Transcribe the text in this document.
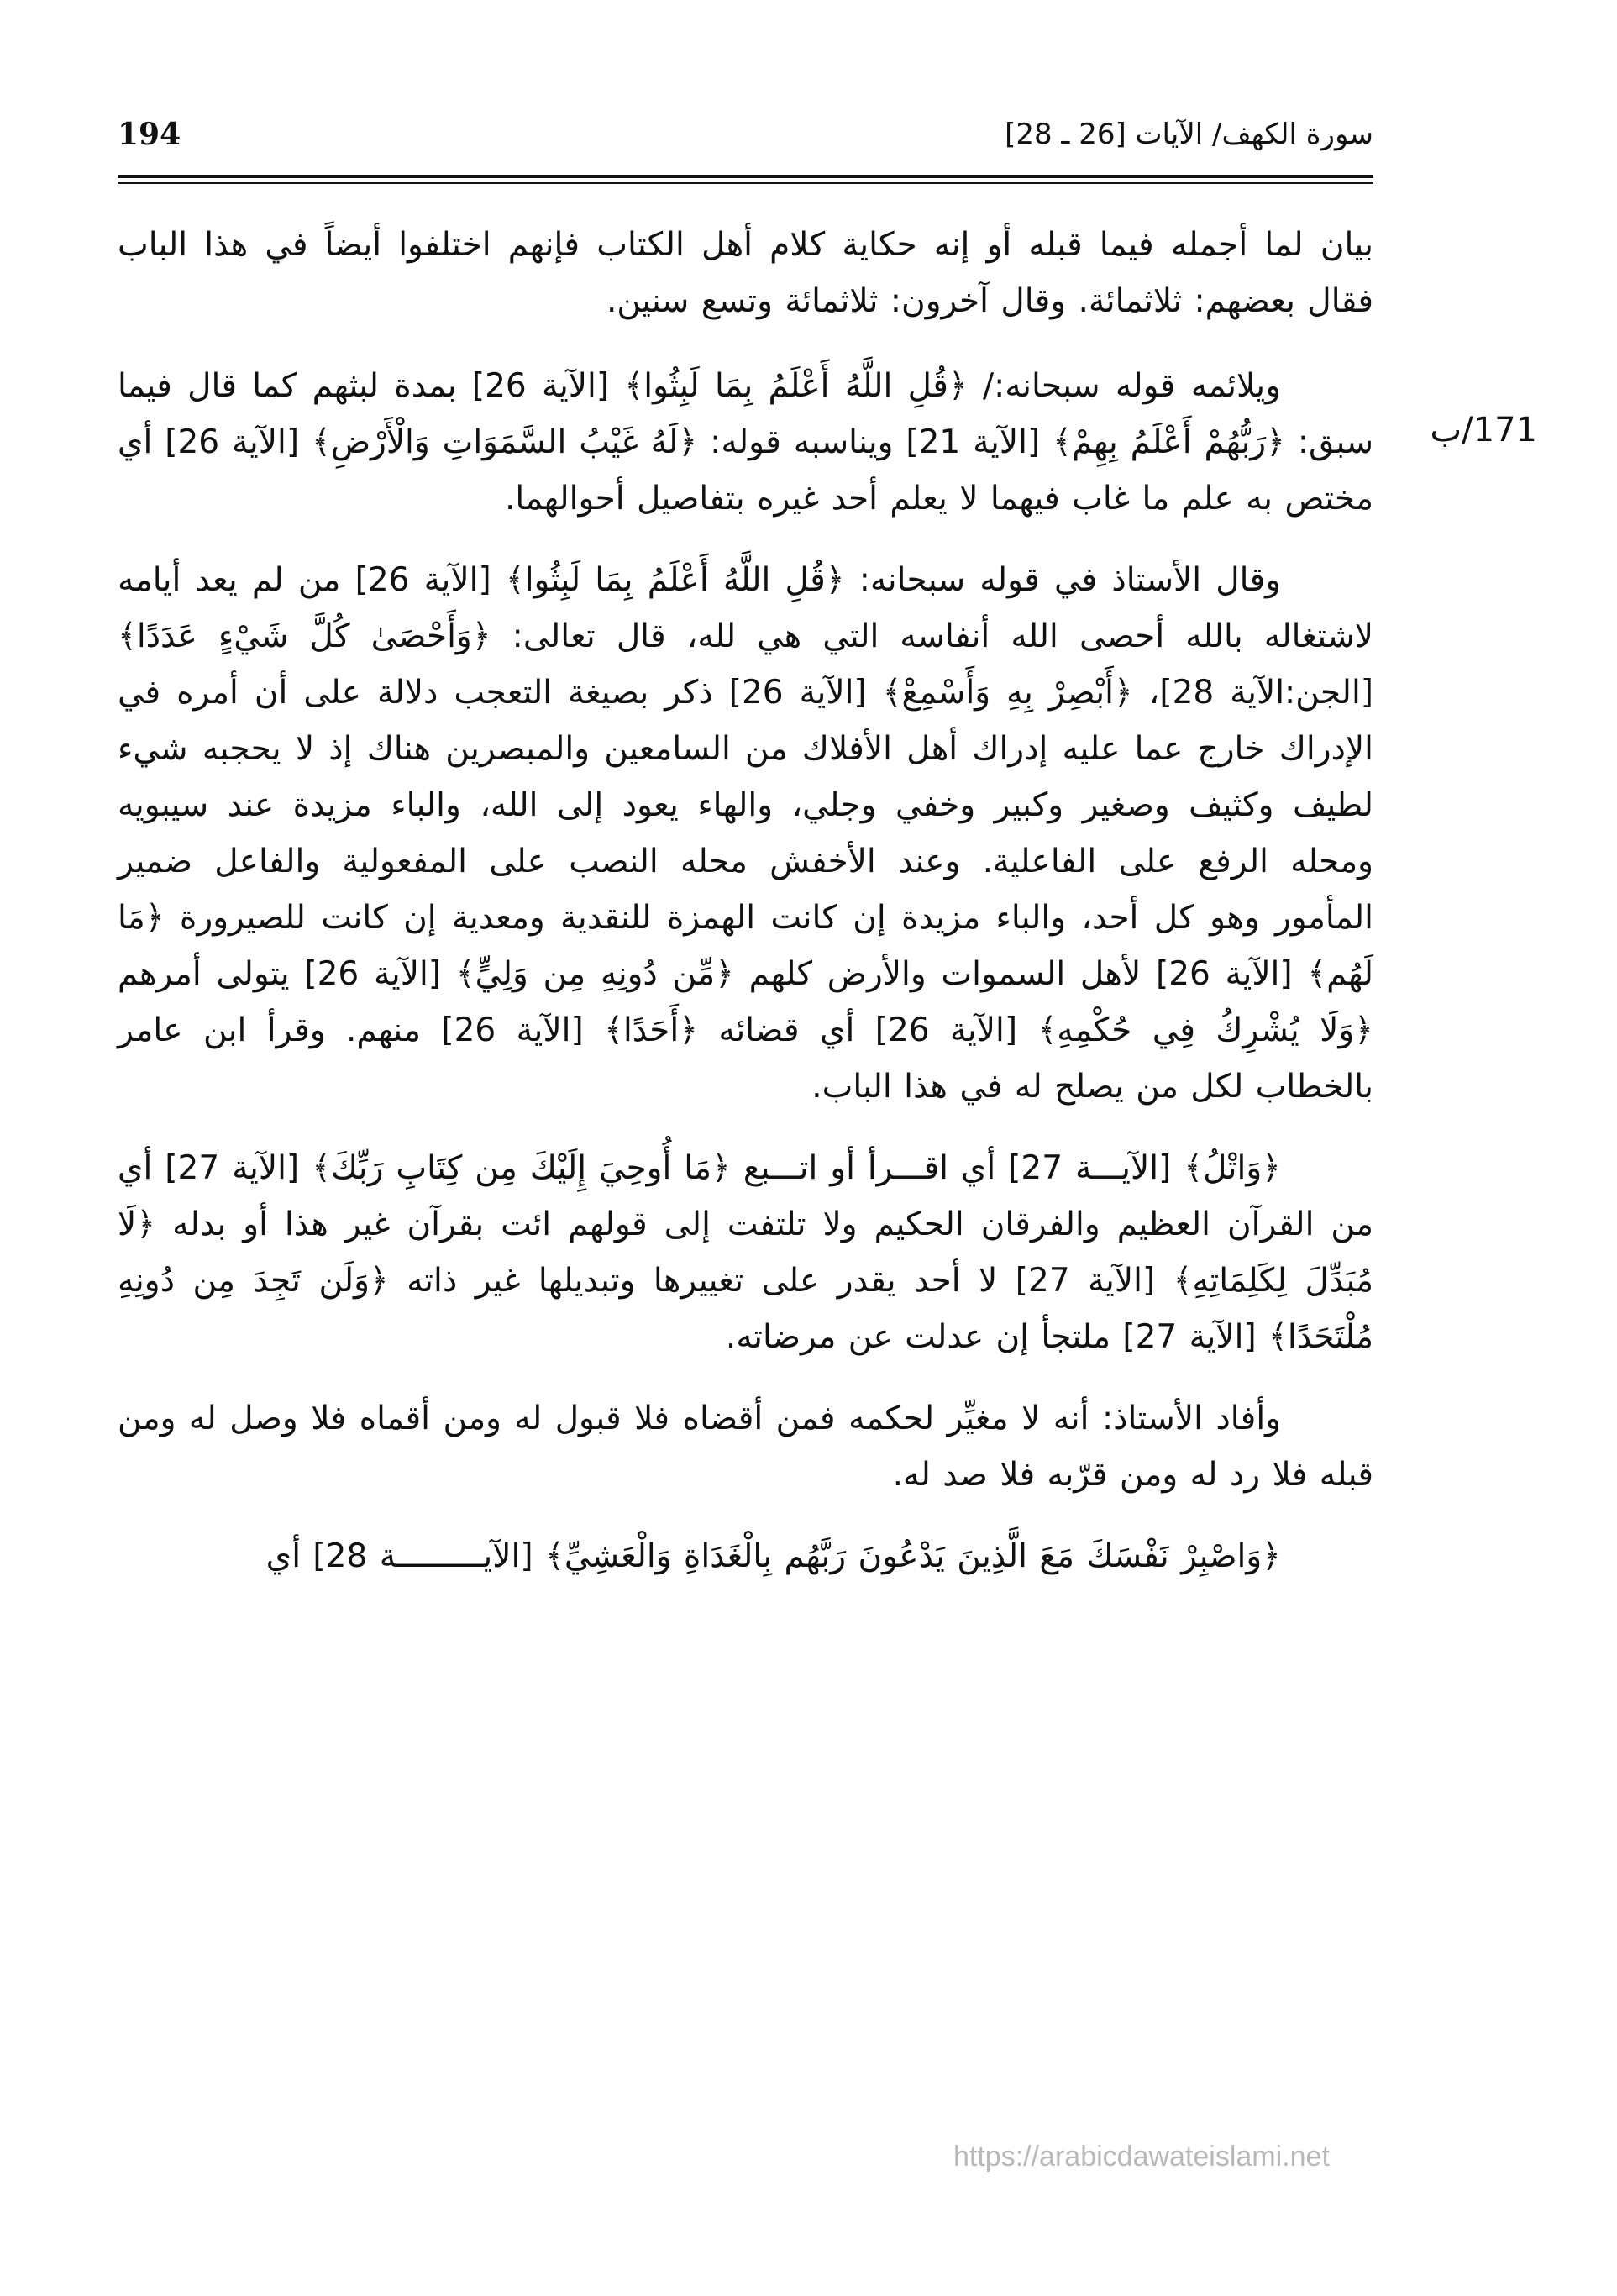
194	سورة الكهف/ الآيات [26 ـ 28]
171/ب

بيان لما أجمله فيما قبله أو إنه حكاية كلام أهل الكتاب فإنهم اختلفوا أيضاً في هذا الباب فقال بعضهم: ثلاثمائة. وقال آخرون: ثلاثمائة وتسع سنين.

ويلائمه قوله سبحانه:/ ﴿قُلِ اللَّهُ أَعْلَمُ بِمَا لَبِثُوا﴾ [الآية 26] بمدة لبثهم كما قال فيما سبق: ﴿رَبُّهُمْ أَعْلَمُ بِهِمْ﴾ [الآية 21] ويناسبه قوله: ﴿لَهُ غَيْبُ السَّمَوَاتِ وَالْأَرْضِ﴾ [الآية 26] أي مختص به علم ما غاب فيهما لا يعلم أحد غيره بتفاصيل أحوالهما.

وقال الأستاذ في قوله سبحانه: ﴿قُلِ اللَّهُ أَعْلَمُ بِمَا لَبِثُوا﴾ [الآية 26] من لم يعد أيامه لاشتغاله بالله أحصى الله أنفاسه التي هي لله، قال تعالى: ﴿وَأَحْصَىٰ كُلَّ شَيْءٍ عَدَدًا﴾ [الجن:الآية 28]، ﴿أَبْصِرْ بِهِ وَأَسْمِعْ﴾ [الآية 26] ذكر بصيغة التعجب دلالة على أن أمره في الإدراك خارج عما عليه إدراك أهل الأفلاك من السامعين والمبصرين هناك إذ لا يحجبه شيء لطيف وكثيف وصغير وكبير وخفي وجلي، والهاء يعود إلى الله، والباء مزيدة عند سيبويه ومحله الرفع على الفاعلية. وعند الأخفش محله النصب على المفعولية والفاعل ضمير المأمور وهو كل أحد، والباء مزيدة إن كانت الهمزة للنقدية ومعدية إن كانت للصيرورة ﴿مَا لَهُم﴾ [الآية 26] لأهل السموات والأرض كلهم ﴿مِّن دُونِهِ مِن وَلِيٍّ﴾ [الآية 26] يتولى أمرهم ﴿وَلَا يُشْرِكُ فِي حُكْمِهِ﴾ [الآية 26] أي قضائه ﴿أَحَدًا﴾ [الآية 26] منهم. وقرأ ابن عامر بالخطاب لكل من يصلح له في هذا الباب.

﴿وَاتْلُ﴾ [الآيـــة 27] أي اقـــرأ أو اتـــبع ﴿مَا أُوحِيَ إِلَيْكَ مِن كِتَابِ رَبِّكَ﴾ [الآية 27] أي من القرآن العظيم والفرقان الحكيم ولا تلتفت إلى قولهم ائت بقرآن غير هذا أو بدله ﴿لَا مُبَدِّلَ لِكَلِمَاتِهِ﴾ [الآية 27] لا أحد يقدر على تغييرها وتبديلها غير ذاته ﴿وَلَن تَجِدَ مِن دُونِهِ مُلْتَحَدًا﴾ [الآية 27] ملتجأ إن عدلت عن مرضاته.

وأفاد الأستاذ: أنه لا مغيِّر لحكمه فمن أقضاه فلا قبول له ومن أقماه فلا وصل له ومن قبله فلا رد له ومن قرّبه فلا صد له.

﴿وَاصْبِرْ نَفْسَكَ مَعَ الَّذِينَ يَدْعُونَ رَبَّهُم بِالْغَدَاةِ وَالْعَشِيِّ﴾ [الآيـــــــــة 28] أي

https://arabicdawateislami.net
